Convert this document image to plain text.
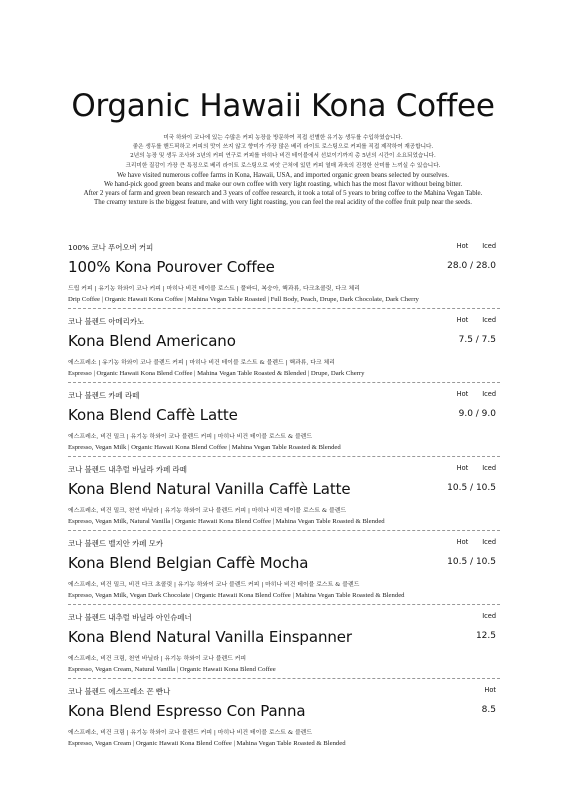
Organic Hawaii Kona Coffee
미국 하와이 코나에 있는 수많은 커피 농장을 방문하여 직접 선별한 유기농 생두를 수입하였습니다.
좋은 생두를 핸드픽하고 커피의 맛이 쓰지 않고 향미가 가장 많은 베리 라이트 로스팅으로 커피를 직접 제작하여 재공합니다.
2년의 농장 및 생두 조사와 3년의 커피 연구로 커피를 마히나 비건 테이블에서 선보이기까지 총 5년의 시간이 소요되었습니다.
크리미한 질감이 가장 큰 특징으로 베리 라이트 로스팅으로 씨앗 근처에 있던 커피 열매 과육의 진정한 산미를 느끼실 수 있습니다.
We have visited numerous coffee farms in Kona, Hawaii, USA, and imported organic green beans selected by ourselves.
We hand-pick good green beans and make our own coffee with very light roasting, which has the most flavor without being bitter.
After 2 years of farm and green bean research and 3 years of coffee research, it took a total of 5 years to bring coffee to the Mahina Vegan Table.
The creamy texture is the biggest feature, and with very light roasting, you can feel the real acidity of the coffee fruit pulp near the seeds.
100% 코나 푸어오버 커피	Hot Iced
100% Kona Pourover Coffee	28.0 / 28.0
드립 커피 | 유기농 하와이 코나 커피 | 마히나 비건 테이블 로스트 | 풀바디, 복숭아, 핵과류, 다크초콜릿, 다크 체리
Drip Coffee | Organic Hawaii Kona Coffee | Mahina Vegan Table Roasted | Full Body, Peach, Drupe, Dark Chocolate, Dark Cherry
코나 블렌드 아메리카노	Hot Iced
Kona Blend Americano	7.5 / 7.5
에스프레소 | 유기농 하와이 코나 블렌드 커피 | 마히나 비건 테이블 로스트 & 블렌드 | 핵과류, 다크 체리
Espresso | Organic Hawaii Kona Blend Coffee | Mahina Vegan Table Roasted & Blended | Drupe, Dark Cherry
코나 블렌드 카페 라떼	Hot Iced
Kona Blend Caffè Latte	9.0 / 9.0
에스프레소, 비건 밀크 | 유기농 하와이 코나 블렌드 커피 | 마히나 비건 테이블 로스트 & 블렌드
Espresso, Vegan Milk | Organic Hawaii Kona Blend Coffee | Mahina Vegan Table Roasted & Blended
코나 블렌드 내추럴 바닐라 카페 라떼	Hot Iced
Kona Blend Natural Vanilla Caffè Latte	10.5 / 10.5
에스프레소, 비건 밀크, 천연 바닐라 | 유기농 하와이 코나 블렌드 커피 | 마히나 비건 테이블 로스트 & 블렌드
Espresso, Vegan Milk, Natural Vanilla | Organic Hawaii Kona Blend Coffee | Mahina Vegan Table Roasted & Blended
코나 블렌드 벨지안 카페 모카	Hot Iced
Kona Blend Belgian Caffè Mocha	10.5 / 10.5
에스프레소, 비건 밀크, 비건 다크 초콜릿 | 유기농 하와이 코나 블렌드 커피 | 마히나 비건 테이블 로스트 & 블렌드
Espresso, Vegan Milk, Vegan Dark Chocolate | Organic Hawaii Kona Blend Coffee | Mahina Vegan Table Roasted & Blended
코나 블렌드 내추럴 바닐라 아인슈페너	Iced
Kona Blend Natural Vanilla Einspanner	12.5
에스프레소, 비건 크림, 천연 바닐라 | 유기농 하와이 코나 블렌드 커피
Espresso, Vegan Cream, Natural Vanilla | Organic Hawaii Kona Blend Coffee
코나 블렌드 에스프레소 꼰 빤나	Hot
Kona Blend Espresso Con Panna	8.5
에스프레소, 비건 크림 | 유기농 하와이 코나 블렌드 커피 | 마히나 비건 테이블 로스트 & 블렌드
Espresso, Vegan Cream | Organic Hawaii Kona Blend Coffee | Mahina Vegan Table Roasted & Blended
